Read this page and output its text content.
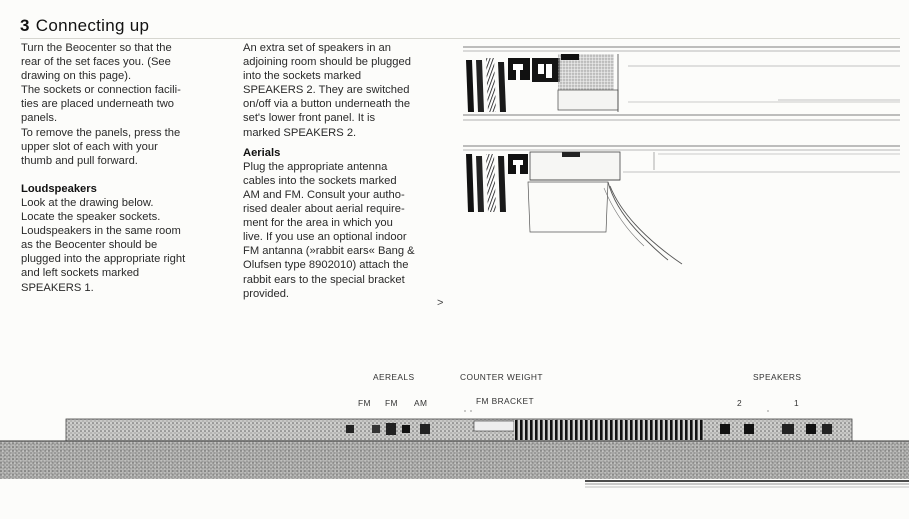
3 Connecting up

Turn the Beocenter so that the
rear of the set faces you. (See
drawing on this page).

The sockets or connection facili-
ties are placed underneath two
panels.

To remove the panels, press the
upper slot of each with your
thumb and pull forward.

Loudspeakers

Look at the drawing below.
Locate the speaker sockets.
Loudspeakers in the same room
as the Beocenter should be
plugged into the appropriate right
and left sockets marked
SPEAKERS 1.

An extra set of speakers in an
adjoining room should be plugged
into the sockets marked
SPEAKERS 2. They are switched
on/off via a button underneath the
set's lower front panel. It is
marked SPEAKERS 2.

Aerials

Plug the appropriate antenna
cables into the sockets marked
AM and FM. Consult your autho-
rised dealer about aerial require-
ment for the area in which you
live. If you use an optional indoor
FM antanna (»rabbit ears« Bang &
Olufsen type 8902010) attach the
rabbit ears to the special bracket
provided.

>
AEREALS	COUNTER WEIGHT	SPEAKERS
FM FM AM	FM BRACKET	2	1
